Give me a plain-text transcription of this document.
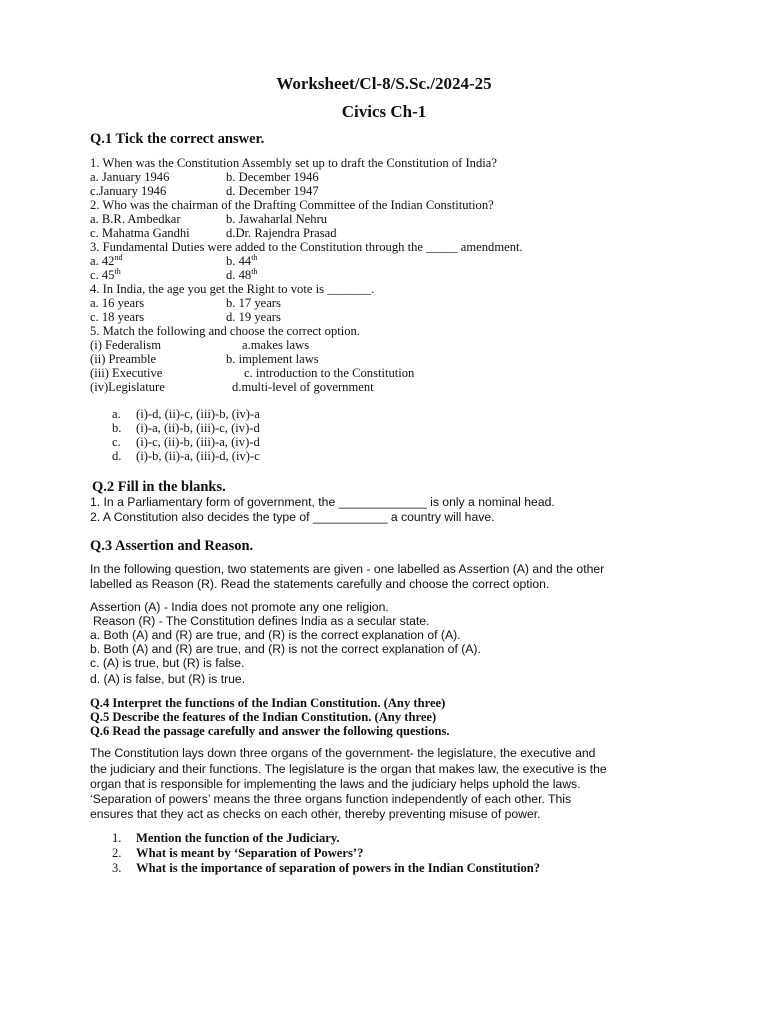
Worksheet/Cl-8/S.Sc./2024-25
Civics Ch-1
Q.1 Tick the correct answer.
1. When was the Constitution Assembly set up to draft the Constitution of India?
a. January 1946	b. December 1946
c.January 1946	d. December 1947
2. Who was the chairman of the Drafting Committee of the Indian Constitution?
a. B.R. Ambedkar	b. Jawaharlal Nehru
c. Mahatma Gandhi	d.Dr. Rajendra Prasad
3. Fundamental Duties were added to the Constitution through the _____ amendment.
a. 42nd	b. 44th
c. 45th	d. 48th
4. In India, the age you get the Right to vote is _______.
a. 16 years	b. 17 years
c. 18 years	d. 19 years
5. Match the following and choose the correct option.
(i) Federalism	a.makes laws
(ii) Preamble	b. implement laws
(iii) Executive	c. introduction to the Constitution
(iv)Legislature	d.multi-level of government
a. (i)-d, (ii)-c, (iii)-b, (iv)-a
b. (i)-a, (ii)-b, (iii)-c, (iv)-d
c. (i)-c, (ii)-b, (iii)-a, (iv)-d
d. (i)-b, (ii)-a, (iii)-d, (iv)-c
Q.2 Fill in the blanks.
1. In a Parliamentary form of government, the _____________ is only a nominal head.
2. A Constitution also decides the type of ___________ a country will have.
Q.3 Assertion and Reason.
In the following question, two statements are given - one labelled as Assertion (A) and the other
labelled as Reason (R). Read the statements carefully and choose the correct option.
Assertion (A) - India does not promote any one religion.
Reason (R) - The Constitution defines India as a secular state.
a. Both (A) and (R) are true, and (R) is the correct explanation of (A).
b. Both (A) and (R) are true, and (R) is not the correct explanation of (A).
c. (A) is true, but (R) is false.
d. (A) is false, but (R) is true.
Q.4 Interpret the functions of the Indian Constitution. (Any three)
Q.5 Describe the features of the Indian Constitution. (Any three)
Q.6 Read the passage carefully and answer the following questions.
The Constitution lays down three organs of the government- the legislature, the executive and
the judiciary and their functions. The legislature is the organ that makes law, the executive is the
organ that is responsible for implementing the laws and the judiciary helps uphold the laws.
‘Separation of powers’ means the three organs function independently of each other. This
ensures that they act as checks on each other, thereby preventing misuse of power.
1. Mention the function of the Judiciary.
2. What is meant by ‘Separation of Powers’?
3. What is the importance of separation of powers in the Indian Constitution?
